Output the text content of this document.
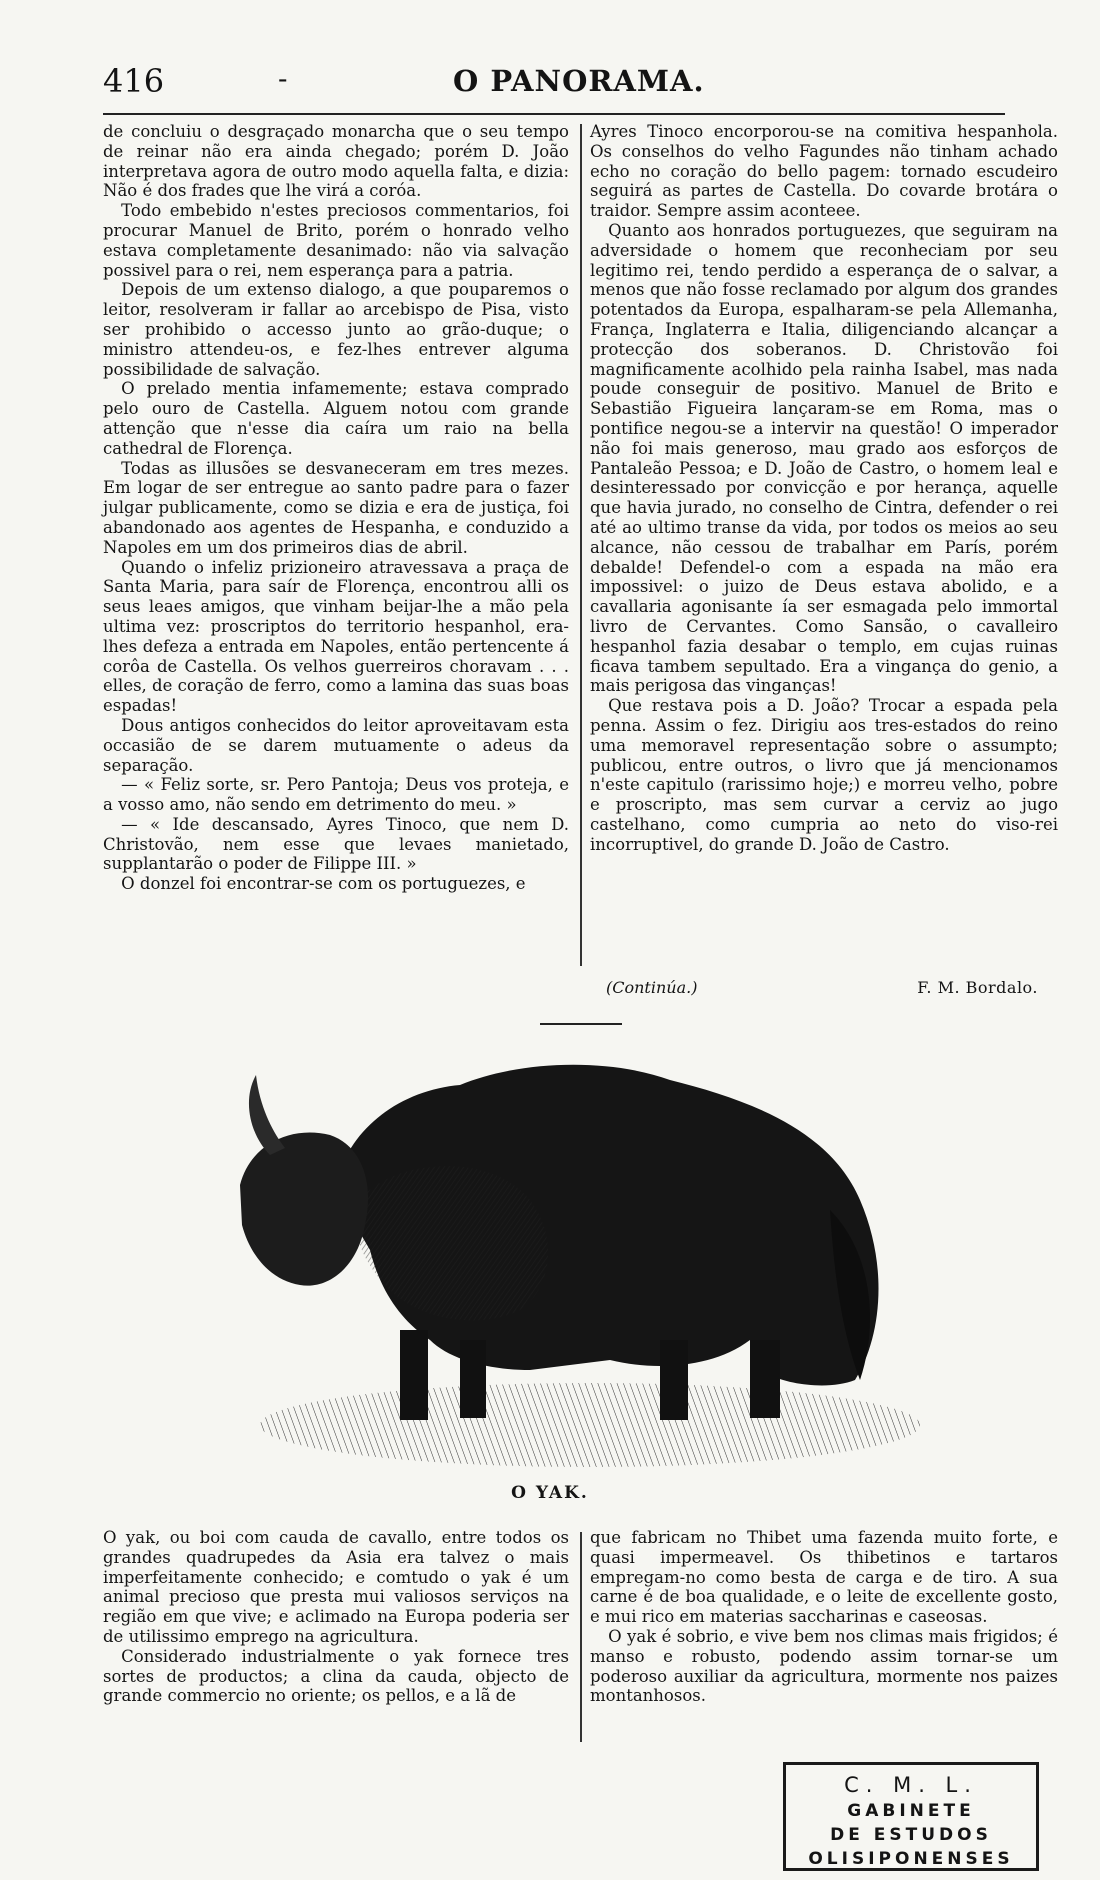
416	-	O PANORAMA.

de concluiu o desgraçado monarcha que o seu tempo de reinar não era ainda chegado; porém D. João interpretava agora de outro modo aquella falta, e dizia: Não é dos frades que lhe virá a coróa.

Todo embebido n'estes preciosos commentarios, foi procurar Manuel de Brito, porém o honrado velho estava completamente desanimado: não via salvação possivel para o rei, nem esperança para a patria.

Depois de um extenso dialogo, a que pouparemos o leitor, resolveram ir fallar ao arcebispo de Pisa, visto ser prohibido o accesso junto ao grão-duque; o ministro attendeu-os, e fez-lhes entrever alguma possibilidade de salvação.

O prelado mentia infamemente; estava comprado pelo ouro de Castella. Alguem notou com grande attenção que n'esse dia caíra um raio na bella cathedral de Florença.

Todas as illusões se desvaneceram em tres mezes. Em logar de ser entregue ao santo padre para o fazer julgar publicamente, como se dizia e era de justiça, foi abandonado aos agentes de Hespanha, e conduzido a Napoles em um dos primeiros dias de abril.

Quando o infeliz prizioneiro atravessava a praça de Santa Maria, para saír de Florença, encontrou alli os seus leaes amigos, que vinham beijar-lhe a mão pela ultima vez: proscriptos do territorio hespanhol, era-lhes defeza a entrada em Napoles, então pertencente á corôa de Castella. Os velhos guerreiros choravam . . . elles, de coração de ferro, como a lamina das suas boas espadas!

Dous antigos conhecidos do leitor aproveitavam esta occasião de se darem mutuamente o adeus da separação.

— « Feliz sorte, sr. Pero Pantoja; Deus vos proteja, e a vosso amo, não sendo em detrimento do meu. »

— « Ide descansado, Ayres Tinoco, que nem D. Christovão, nem esse que levaes manietado, supplantarão o poder de Filippe III. »

O donzel foi encontrar-se com os portuguezes, e

Ayres Tinoco encorporou-se na comitiva hespanhola. Os conselhos do velho Fagundes não tinham achado echo no coração do bello pagem: tornado escudeiro seguirá as partes de Castella. Do covarde brotára o traidor. Sempre assim aconteee.

Quanto aos honrados portuguezes, que seguiram na adversidade o homem que reconheciam por seu legitimo rei, tendo perdido a esperança de o salvar, a menos que não fosse reclamado por algum dos grandes potentados da Europa, espalharam-se pela Allemanha, França, Inglaterra e Italia, diligenciando alcançar a protecção dos soberanos. D. Christovão foi magnificamente acolhido pela rainha Isabel, mas nada poude conseguir de positivo. Manuel de Brito e Sebastião Figueira lançaram-se em Roma, mas o pontifice negou-se a intervir na questão! O imperador não foi mais generoso, mau grado aos esforços de Pantaleão Pessoa; e D. João de Castro, o homem leal e desinteressado por convicção e por herança, aquelle que havia jurado, no conselho de Cintra, defender o rei até ao ultimo transe da vida, por todos os meios ao seu alcance, não cessou de trabalhar em París, porém debalde! Defendel-o com a espada na mão era impossivel: o juizo de Deus estava abolido, e a cavallaria agonisante ía ser esmagada pelo immortal livro de Cervantes. Como Sansão, o cavalleiro hespanhol fazia desabar o templo, em cujas ruinas ficava tambem sepultado. Era a vingança do genio, a mais perigosa das vinganças!

Que restava pois a D. João? Trocar a espada pela penna. Assim o fez. Dirigiu aos tres-estados do reino uma memoravel representação sobre o assumpto; publicou, entre outros, o livro que já mencionamos n'este capitulo (rarissimo hoje;) e morreu velho, pobre e proscripto, mas sem curvar a cerviz ao jugo castelhano, como cumpria ao neto do viso-rei incorruptivel, do grande D. João de Castro.

(Continúa.)	F. M. Bordalo.
O YAK.

O yak, ou boi com cauda de cavallo, entre todos os grandes quadrupedes da Asia era talvez o mais imperfeitamente conhecido; e comtudo o yak é um animal precioso que presta mui valiosos serviços na região em que vive; e aclimado na Europa poderia ser de utilissimo emprego na agricultura.

Considerado industrialmente o yak fornece tres sortes de productos; a clina da cauda, objecto de grande commercio no oriente; os pellos, e a lã de

que fabricam no Thibet uma fazenda muito forte, e quasi impermeavel. Os thibetinos e tartaros empregam-no como besta de carga e de tiro. A sua carne é de boa qualidade, e o leite de excellente gosto, e mui rico em materias saccharinas e caseosas.

O yak é sobrio, e vive bem nos climas mais frigidos; é manso e robusto, podendo assim tornar-se um poderoso auxiliar da agricultura, mormente nos paizes montanhosos.

C. M. L.
GABINETE
DE ESTUDOS
OLISIPONENSES
